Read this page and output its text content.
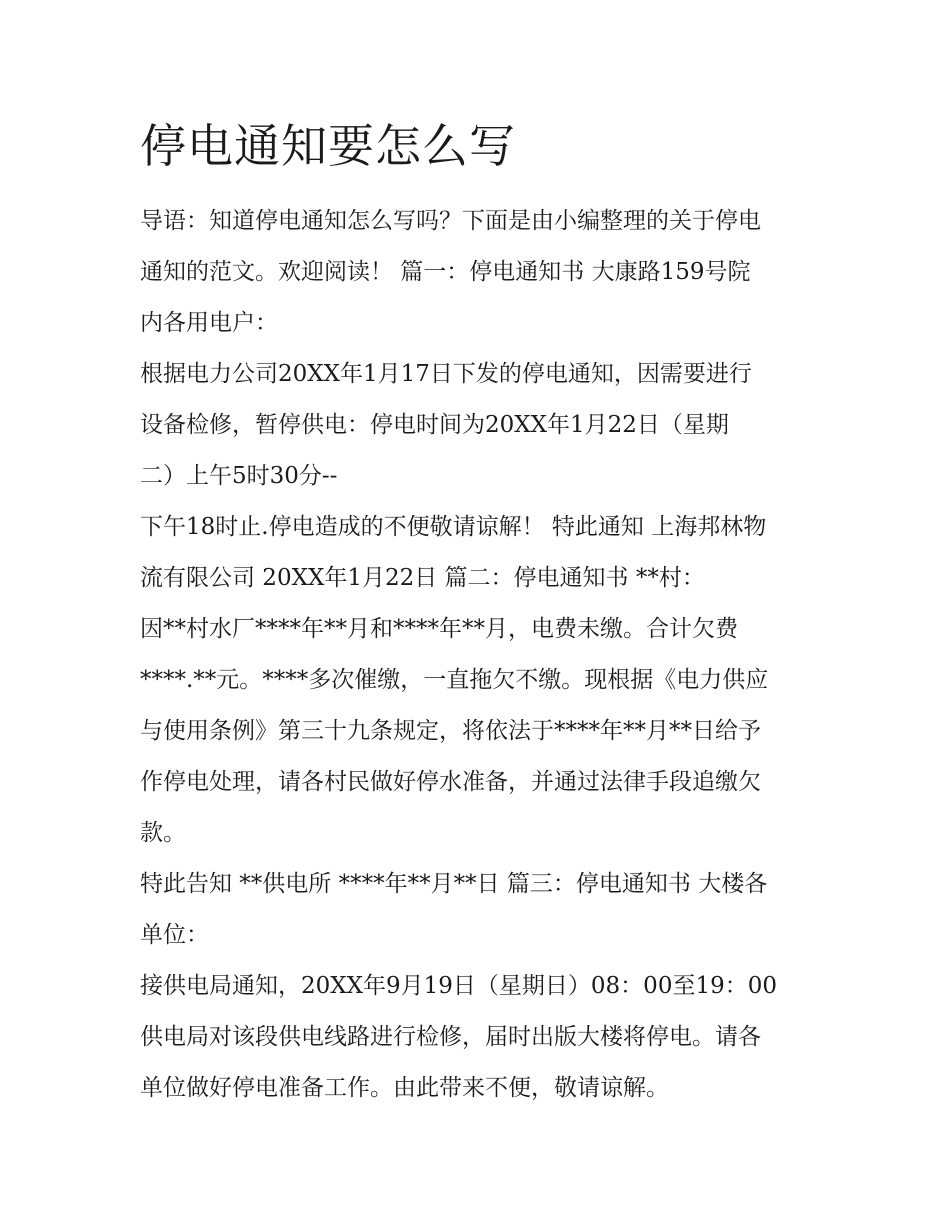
停电通知要怎么写
导语：知道停电通知怎么写吗？下面是由小编整理的关于停电
通知的范文。欢迎阅读！ 篇一：停电通知书 大康路159号院
内各用电户：
根据电力公司20XX年1月17日下发的停电通知，因需要进行
设备检修，暂停供电：停电时间为20XX年1月22日（星期
二）上午5时30分--
下午18时止.停电造成的不便敬请谅解！ 特此通知 上海邦林物
流有限公司 20XX年1月22日 篇二：停电通知书 **村：
因**村水厂****年**月和****年**月，电费未缴。合计欠费
****.**元。****多次催缴，一直拖欠不缴。现根据《电力供应
与使用条例》第三十九条规定，将依法于****年**月**日给予
作停电处理，请各村民做好停水准备，并通过法律手段追缴欠
款。
特此告知 **供电所 ****年**月**日 篇三：停电通知书 大楼各
单位：
接供电局通知，20XX年9月19日（星期日）08：00至19：00
供电局对该段供电线路进行检修，届时出版大楼将停电。请各
单位做好停电准备工作。由此带来不便，敬请谅解。
